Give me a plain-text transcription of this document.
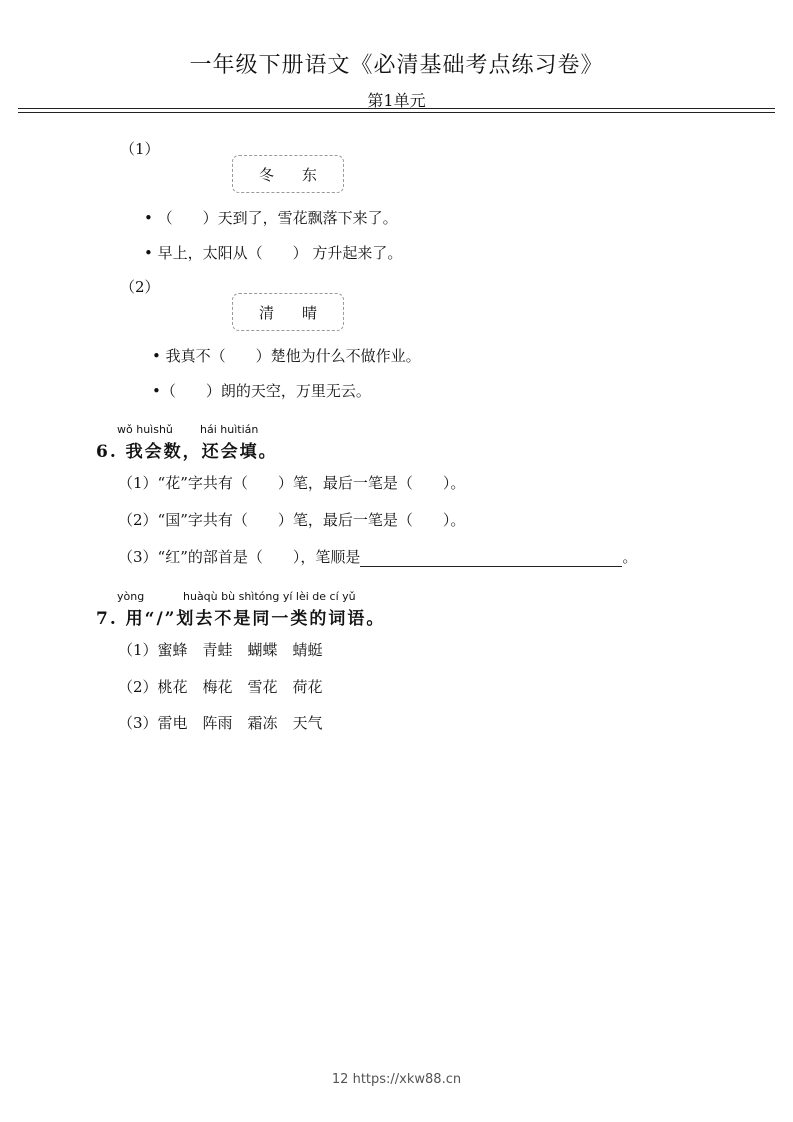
一年级下册语文《必清基础考点练习卷》
第1单元
（1）
冬 东
• （　　）天到了，雪花飘落下来了。
• 早上，太阳从（　　） 方升起来了。
（2）
清 晴
• 我真不（　　）楚他为什么不做作业。
•（　　）朗的天空，万里无云。
wǒ huìshǔ hái huìtián
6. 我会数，还会填。
（1）“花”字共有（　　）笔，最后一笔是（　　）。
（2）“国”字共有（　　）笔，最后一笔是（　　）。
（3）“红”的部首是（　　），笔顺是	。
yòng	huàqù bù shìtóng yí lèi de cí yǔ
7. 用“/”划去不是同一类的词语。
（1）蜜蜂　青蛙　蝴蝶　蜻蜓
（2）桃花　梅花　雪花　荷花
（3）雷电　阵雨　霜冻　天气
12 https://xkw88.cn
